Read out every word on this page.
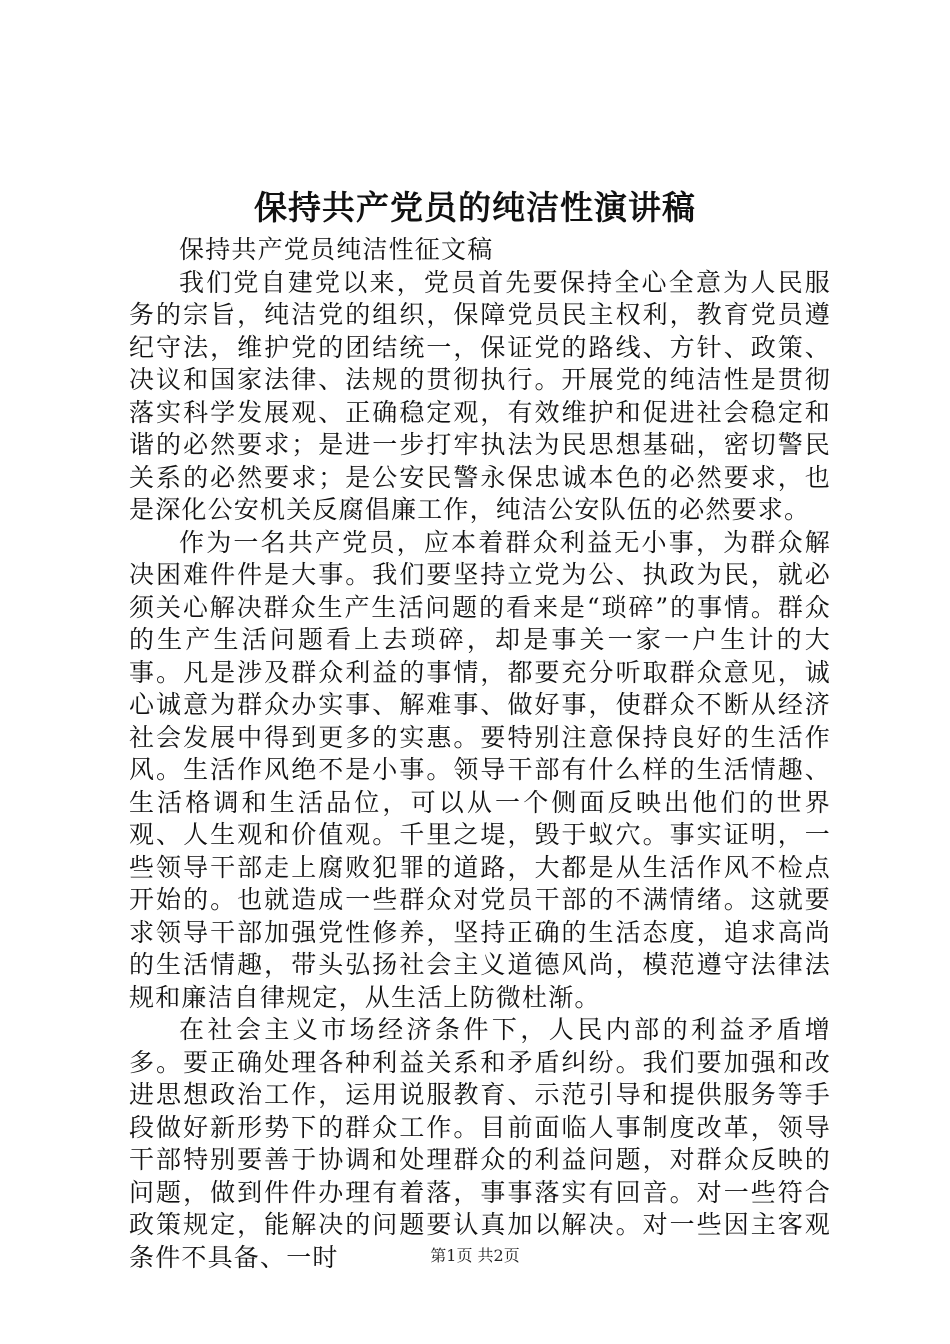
保持共产党员的纯洁性演讲稿

保持共产党员纯洁性征文稿

我们党自建党以来，党员首先要保持全心全意为人民服务的宗旨，纯洁党的组织，保障党员民主权利，教育党员遵纪守法，维护党的团结统一，保证党的路线、方针、政策、决议和国家法律、法规的贯彻执行。开展党的纯洁性是贯彻落实科学发展观、正确稳定观，有效维护和促进社会稳定和谐的必然要求；是进一步打牢执法为民思想基础，密切警民关系的必然要求；是公安民警永保忠诚本色的必然要求，也是深化公安机关反腐倡廉工作，纯洁公安队伍的必然要求。

作为一名共产党员，应本着群众利益无小事，为群众解决困难件件是大事。我们要坚持立党为公、执政为民，就必须关心解决群众生产生活问题的看来是“琐碎”的事情。群众的生产生活问题看上去琐碎，却是事关一家一户生计的大事。凡是涉及群众利益的事情，都要充分听取群众意见，诚心诚意为群众办实事、解难事、做好事，使群众不断从经济社会发展中得到更多的实惠。要特别注意保持良好的生活作风。生活作风绝不是小事。领导干部有什么样的生活情趣、生活格调和生活品位，可以从一个侧面反映出他们的世界观、人生观和价值观。千里之堤，毁于蚁穴。事实证明，一些领导干部走上腐败犯罪的道路，大都是从生活作风不检点开始的。也就造成一些群众对党员干部的不满情绪。这就要求领导干部加强党性修养，坚持正确的生活态度，追求高尚的生活情趣，带头弘扬社会主义道德风尚，模范遵守法律法规和廉洁自律规定，从生活上防微杜渐。

在社会主义市场经济条件下，人民内部的利益矛盾增多。要正确处理各种利益关系和矛盾纠纷。我们要加强和改进思想政治工作，运用说服教育、示范引导和提供服务等手段做好新形势下的群众工作。目前面临人事制度改革，领导干部特别要善于协调和处理群众的利益问题，对群众反映的问题，做到件件办理有着落，事事落实有回音。对一些符合政策规定，能解决的问题要认真加以解决。对一些因主客观条件不具备、一时	第1页 共2页
